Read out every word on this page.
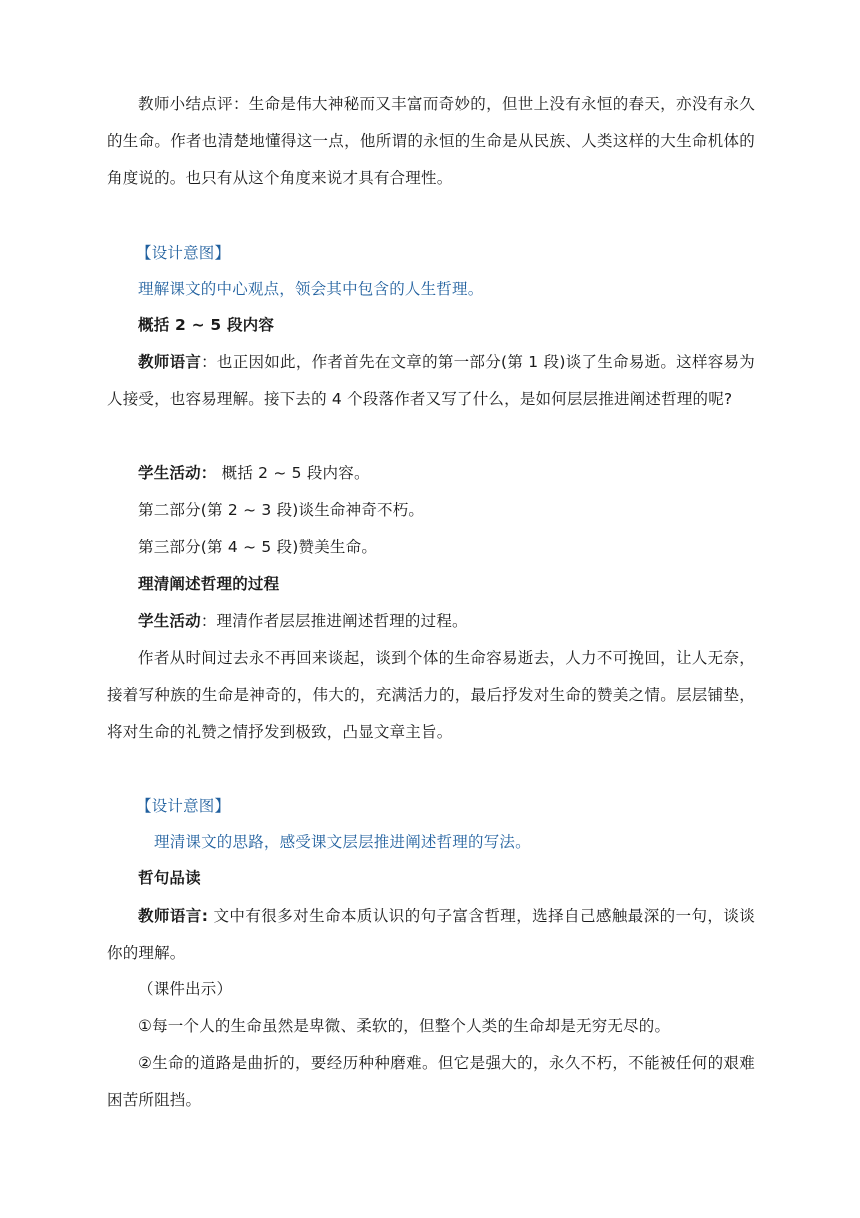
教师小结点评：生命是伟大神秘而又丰富而奇妙的，但世上没有永恒的春天，亦没有永久的生命。作者也清楚地懂得这一点，他所谓的永恒的生命是从民族、人类这样的大生命机体的角度说的。也只有从这个角度来说才具有合理性。

【设计意图】
理解课文的中心观点，领会其中包含的人生哲理。
概括 2 ~ 5 段内容

教师语言：也正因如此，作者首先在文章的第一部分(第 1 段)谈了生命易逝。这样容易为人接受，也容易理解。接下去的 4 个段落作者又写了什么，是如何层层推进阐述哲理的呢?

学生活动： 概括 2 ~ 5 段内容。
第二部分(第 2 ~ 3 段)谈生命神奇不朽。
第三部分(第 4 ~ 5 段)赞美生命。
理清阐述哲理的过程
学生活动：理清作者层层推进阐述哲理的过程。

作者从时间过去永不再回来谈起，谈到个体的生命容易逝去，人力不可挽回，让人无奈，接着写种族的生命是神奇的，伟大的，充满活力的，最后抒发对生命的赞美之情。层层铺垫，将对生命的礼赞之情抒发到极致，凸显文章主旨。

【设计意图】
理清课文的思路，感受课文层层推进阐述哲理的写法。
哲句品读

教师语言: 文中有很多对生命本质认识的句子富含哲理，选择自己感触最深的一句，谈谈你的理解。

（课件出示）
①每一个人的生命虽然是卑微、柔软的，但整个人类的生命却是无穷无尽的。

②生命的道路是曲折的，要经历种种磨难。但它是强大的，永久不朽，不能被任何的艰难困苦所阻挡。
